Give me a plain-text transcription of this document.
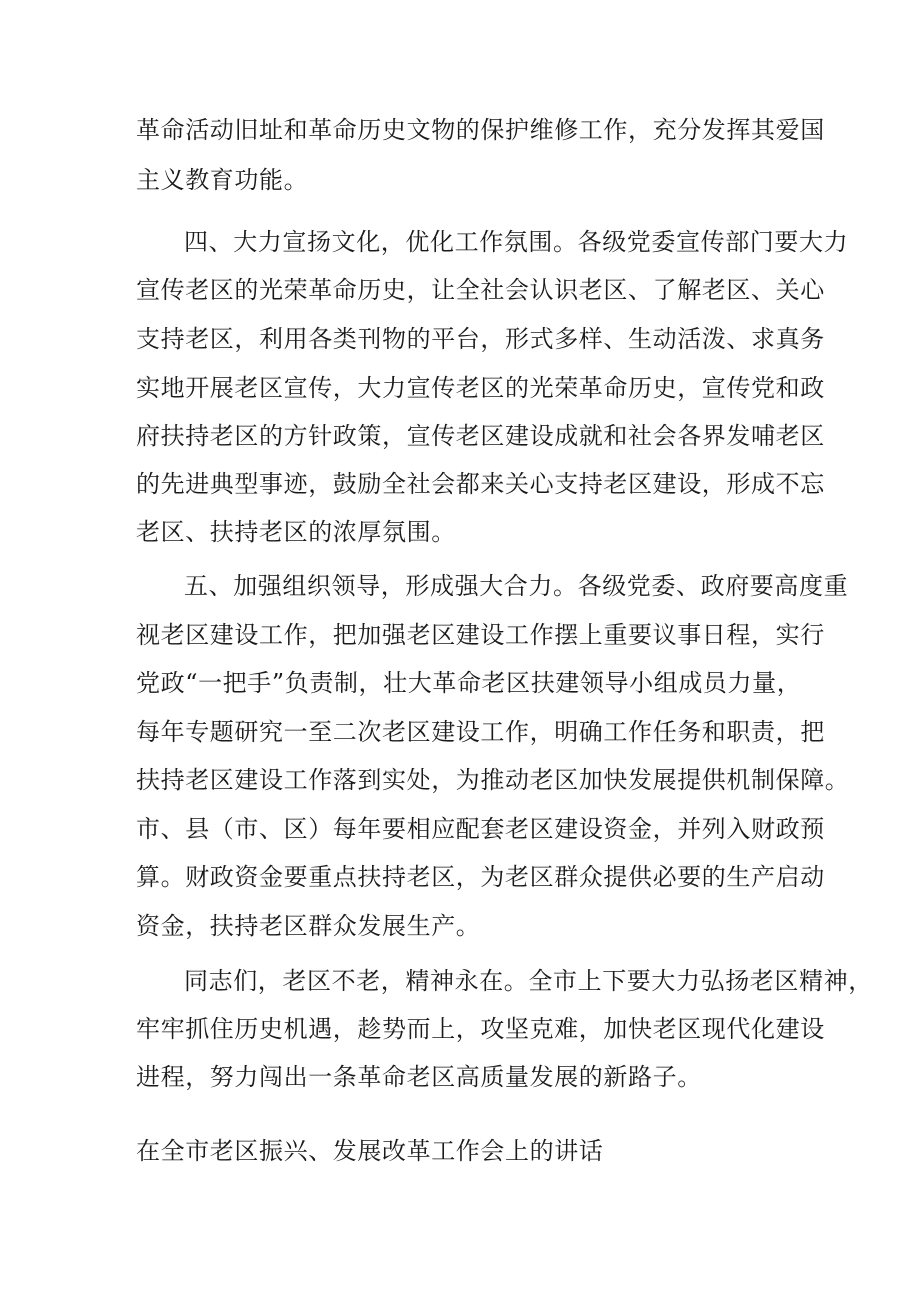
革命活动旧址和革命历史文物的保护维修工作，充分发挥其爱国
主义教育功能。
四、大力宣扬文化，优化工作氛围。各级党委宣传部门要大力
宣传老区的光荣革命历史，让全社会认识老区、了解老区、关心
支持老区，利用各类刊物的平台，形式多样、生动活泼、求真务
实地开展老区宣传，大力宣传老区的光荣革命历史，宣传党和政
府扶持老区的方针政策，宣传老区建设成就和社会各界发哺老区
的先进典型事迹，鼓励全社会都来关心支持老区建设，形成不忘
老区、扶持老区的浓厚氛围。
五、加强组织领导，形成强大合力。各级党委、政府要高度重
视老区建设工作，把加强老区建设工作摆上重要议事日程，实行
党政“一把手”负责制，壮大革命老区扶建领导小组成员力量，
每年专题研究一至二次老区建设工作，明确工作任务和职责，把
扶持老区建设工作落到实处，为推动老区加快发展提供机制保障。
市、县（市、区）每年要相应配套老区建设资金，并列入财政预
算。财政资金要重点扶持老区，为老区群众提供必要的生产启动
资金，扶持老区群众发展生产。
同志们，老区不老，精神永在。全市上下要大力弘扬老区精神，
牢牢抓住历史机遇，趁势而上，攻坚克难，加快老区现代化建设
进程，努力闯出一条革命老区高质量发展的新路子。
在全市老区振兴、发展改革工作会上的讲话
